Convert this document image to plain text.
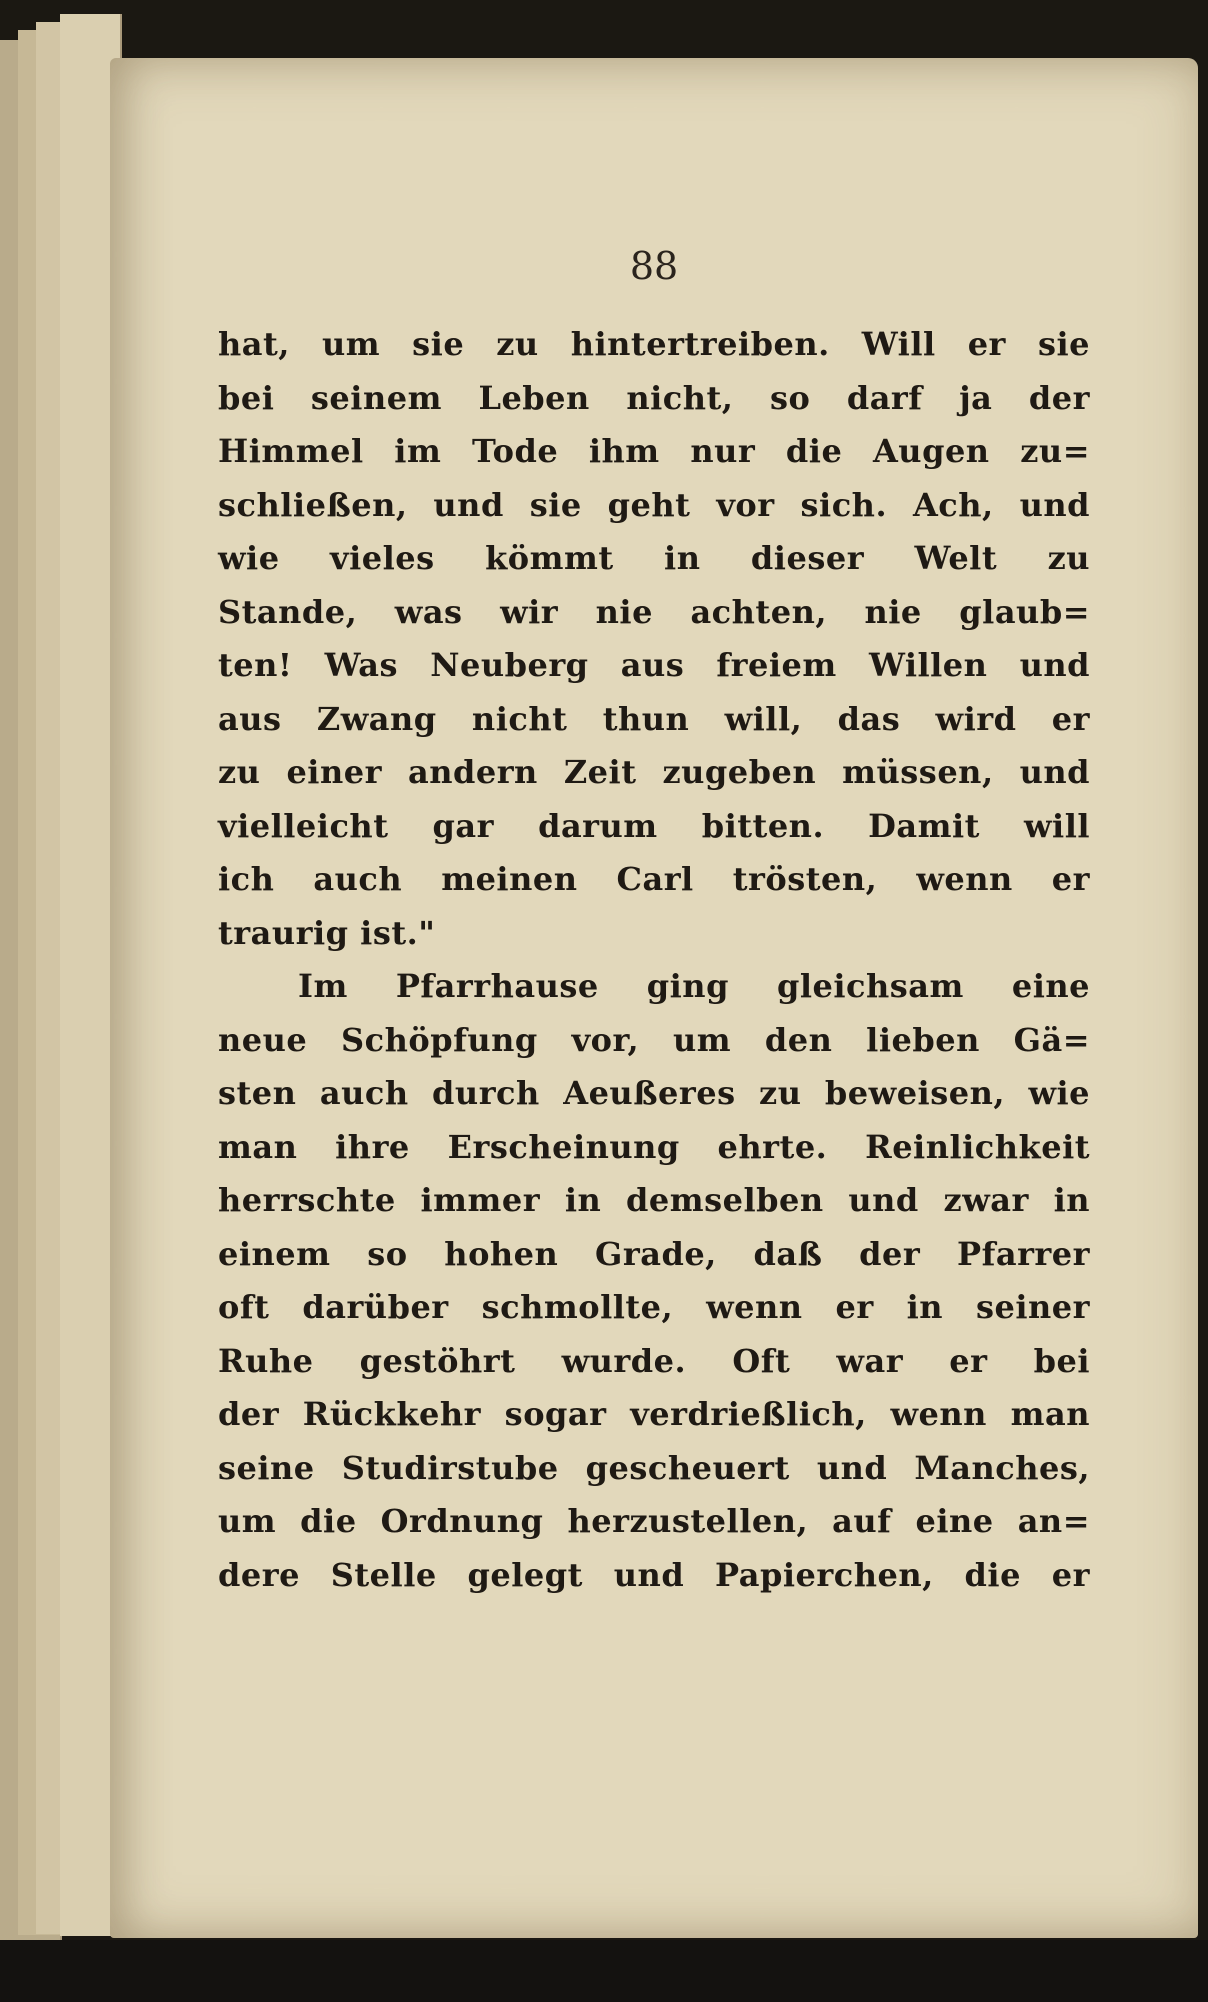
88
hat, um sie zu hintertreiben. Will er sie
bei seinem Leben nicht, so darf ja der
Himmel im Tode ihm nur die Augen zu=
schließen, und sie geht vor sich. Ach, und
wie vieles kömmt in dieser Welt zu
Stande, was wir nie achten, nie glaub=
ten! Was Neuberg aus freiem Willen und
aus Zwang nicht thun will, das wird er
zu einer andern Zeit zugeben müssen, und
vielleicht gar darum bitten. Damit will
ich auch meinen Carl trösten, wenn er
traurig ist."
Im Pfarrhause ging gleichsam eine
neue Schöpfung vor, um den lieben Gä=
sten auch durch Aeußeres zu beweisen, wie
man ihre Erscheinung ehrte. Reinlichkeit
herrschte immer in demselben und zwar in
einem so hohen Grade, daß der Pfarrer
oft darüber schmollte, wenn er in seiner
Ruhe gestöhrt wurde. Oft war er bei
der Rückkehr sogar verdrießlich, wenn man
seine Studirstube gescheuert und Manches,
um die Ordnung herzustellen, auf eine an=
dere Stelle gelegt und Papierchen, die er
